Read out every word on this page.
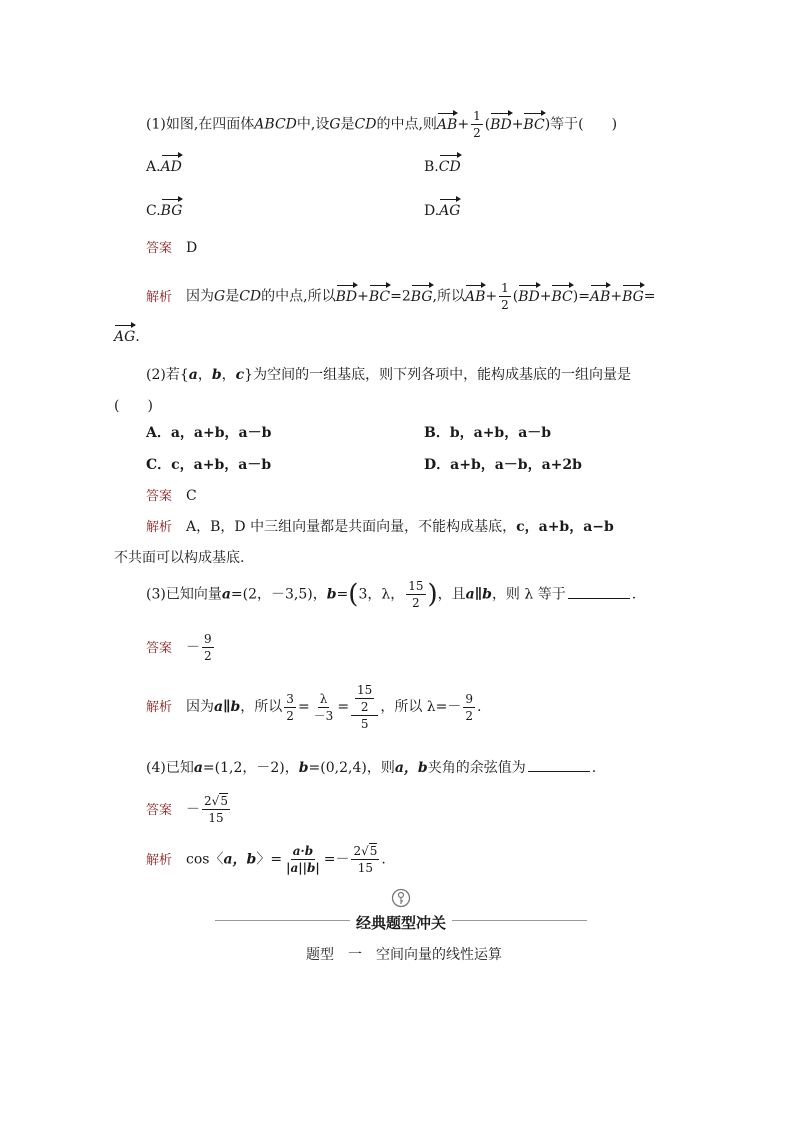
(1)如图,在四面体ABCD中,设G是CD的中点,则$AB+ \frac{1}{2} (BD+BC)$等于(　　)
A.AD	B.CD
C.BG	D.AG
答案 D
解析 因为G是CD的中点,所以BD+BC=2BG,所以$AB+ \frac{1}{2} (BD+BC)=AB+BG=$
AG.
(2)若{a，b，c}为空间的一组基底，则下列各项中，能构成基底的一组向量是
(　　)
A．a，a+b，a－b	B．b，a+b，a－b
C．c，a+b，a－b	D．a+b，a－b，a+2b
答案 C
解析 A，B，D 中三组向量都是共面向量，不能构成基底，c，a+b，a−b
不共面可以构成基底.
(3)已知向量a=(2，－3,5)，b=(3，λ， $\frac{15}{2}$ )，且a∥b，则 λ 等于	.
答案 － $\frac{9}{2}$
解析 因为a∥b，所以 $\frac{3}{2} = \frac{\lambda}{-3} = \frac{\frac{15}{2}}{5}$ ，所以 $\lambda=- \frac{9}{2}$ .
(4)已知a=(1,2，－2)，b=(0,2,4)，则a，b夹角的余弦值为	.
答案 － $\frac{2√5}{15}$
解析 cos〈a，b〉= $\frac{a\cdot b}{|a||b|} =- \frac{2√5}{15}$ .
经典题型冲关
题型　一　空间向量的线性运算
